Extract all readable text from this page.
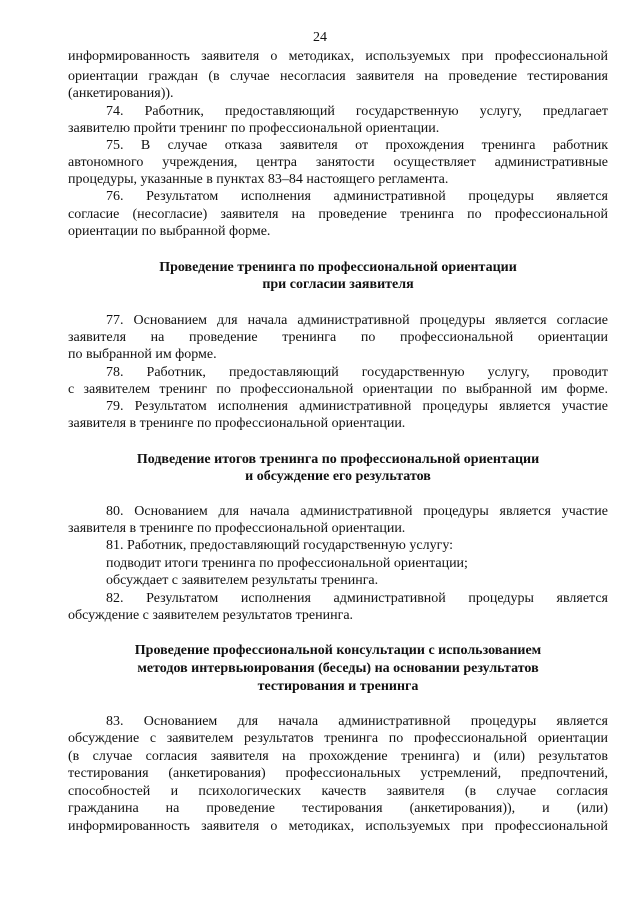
24
информированность заявителя о методиках, используемых при профессиональной
ориентации граждан (в случае несогласия заявителя на проведение тестирования
(анкетирования)).
74. Работник, предоставляющий государственную услугу, предлагает
заявителю пройти тренинг по профессиональной ориентации.
75. В случае отказа заявителя от прохождения тренинга работник
автономного учреждения, центра занятости осуществляет административные
процедуры, указанные в пунктах 83–84 настоящего регламента.
76. Результатом исполнения административной процедуры является
согласие (несогласие) заявителя на проведение тренинга по профессиональной
ориентации по выбранной форме.
Проведение тренинга по профессиональной ориентации
при согласии заявителя
77. Основанием для начала административной процедуры является согласие
заявителя на проведение тренинга по профессиональной ориентации
по выбранной им форме.
78. Работник, предоставляющий государственную услугу, проводит
с заявителем тренинг по профессиональной ориентации по выбранной им форме.
79. Результатом исполнения административной процедуры является участие
заявителя в тренинге по профессиональной ориентации.
Подведение итогов тренинга по профессиональной ориентации
и обсуждение его результатов
80. Основанием для начала административной процедуры является участие
заявителя в тренинге по профессиональной ориентации.
81. Работник, предоставляющий государственную услугу:
подводит итоги тренинга по профессиональной ориентации;
обсуждает с заявителем результаты тренинга.
82. Результатом исполнения административной процедуры является
обсуждение с заявителем результатов тренинга.
Проведение профессиональной консультации с использованием
методов интервьюирования (беседы) на основании результатов
тестирования и тренинга
83. Основанием для начала административной процедуры является
обсуждение с заявителем результатов тренинга по профессиональной ориентации
(в случае согласия заявителя на прохождение тренинга) и (или) результатов
тестирования (анкетирования) профессиональных устремлений, предпочтений,
способностей и психологических качеств заявителя (в случае согласия
гражданина на проведение тестирования (анкетирования)), и (или)
информированность заявителя о методиках, используемых при профессиональной
